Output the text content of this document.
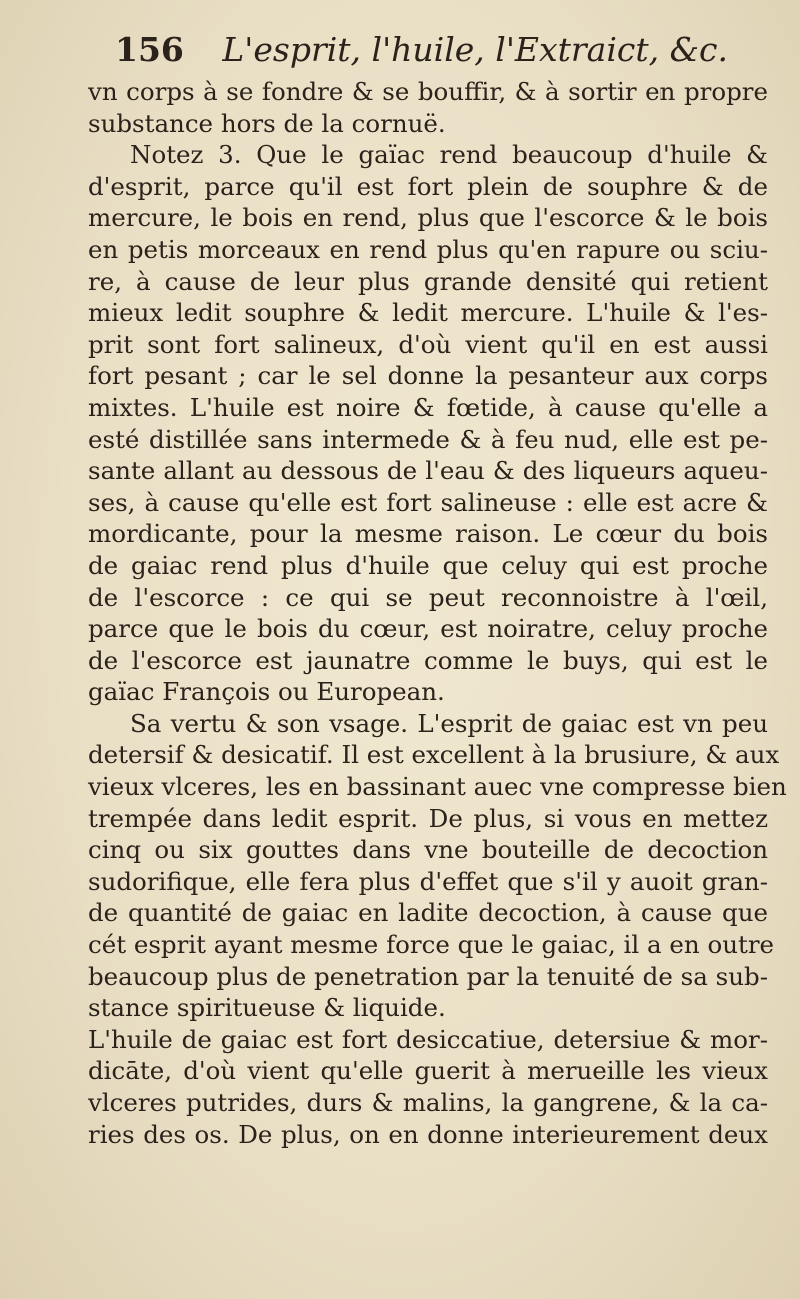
156 L'esprit, l'huile, l'Extraict, &c.
vn corps à se fondre & se bouffir, & à sortir en propre
substance hors de la cornuë.
Notez 3. Que le gaïac rend beaucoup d'huile &
d'esprit, parce qu'il est fort plein de souphre & de
mercure, le bois en rend, plus que l'escorce & le bois
en petis morceaux en rend plus qu'en rapure ou sciu-
re, à cause de leur plus grande densité qui retient
mieux ledit souphre & ledit mercure. L'huile & l'es-
prit sont fort salineux, d'où vient qu'il en est aussi
fort pesant ; car le sel donne la pesanteur aux corps
mixtes. L'huile est noire & fœtide, à cause qu'elle a
esté distillée sans intermede & à feu nud, elle est pe-
sante allant au dessous de l'eau & des liqueurs aqueu-
ses, à cause qu'elle est fort salineuse : elle est acre &
mordicante, pour la mesme raison. Le cœur du bois
de gaiac rend plus d'huile que celuy qui est proche
de l'escorce : ce qui se peut reconnoistre à l'œil,
parce que le bois du cœur, est noiratre, celuy proche
de l'escorce est jaunatre comme le buys, qui est le
gaïac François ou European.
Sa vertu & son vsage. L'esprit de gaiac est vn peu
detersif & desicatif. Il est excellent à la brusiure, & aux
vieux vlceres, les en bassinant auec vne compresse bien
trempée dans ledit esprit. De plus, si vous en mettez
cinq ou six gouttes dans vne bouteille de decoction
sudorifique, elle fera plus d'effet que s'il y auoit gran-
de quantité de gaiac en ladite decoction, à cause que
cét esprit ayant mesme force que le gaiac, il a en outre
beaucoup plus de penetration par la tenuité de sa sub-
stance spiritueuse & liquide.
L'huile de gaiac est fort desiccatiue, detersiue & mor-
dicāte, d'où vient qu'elle guerit à merueille les vieux
vlceres putrides, durs & malins, la gangrene, & la ca-
ries des os. De plus, on en donne interieurement deux
